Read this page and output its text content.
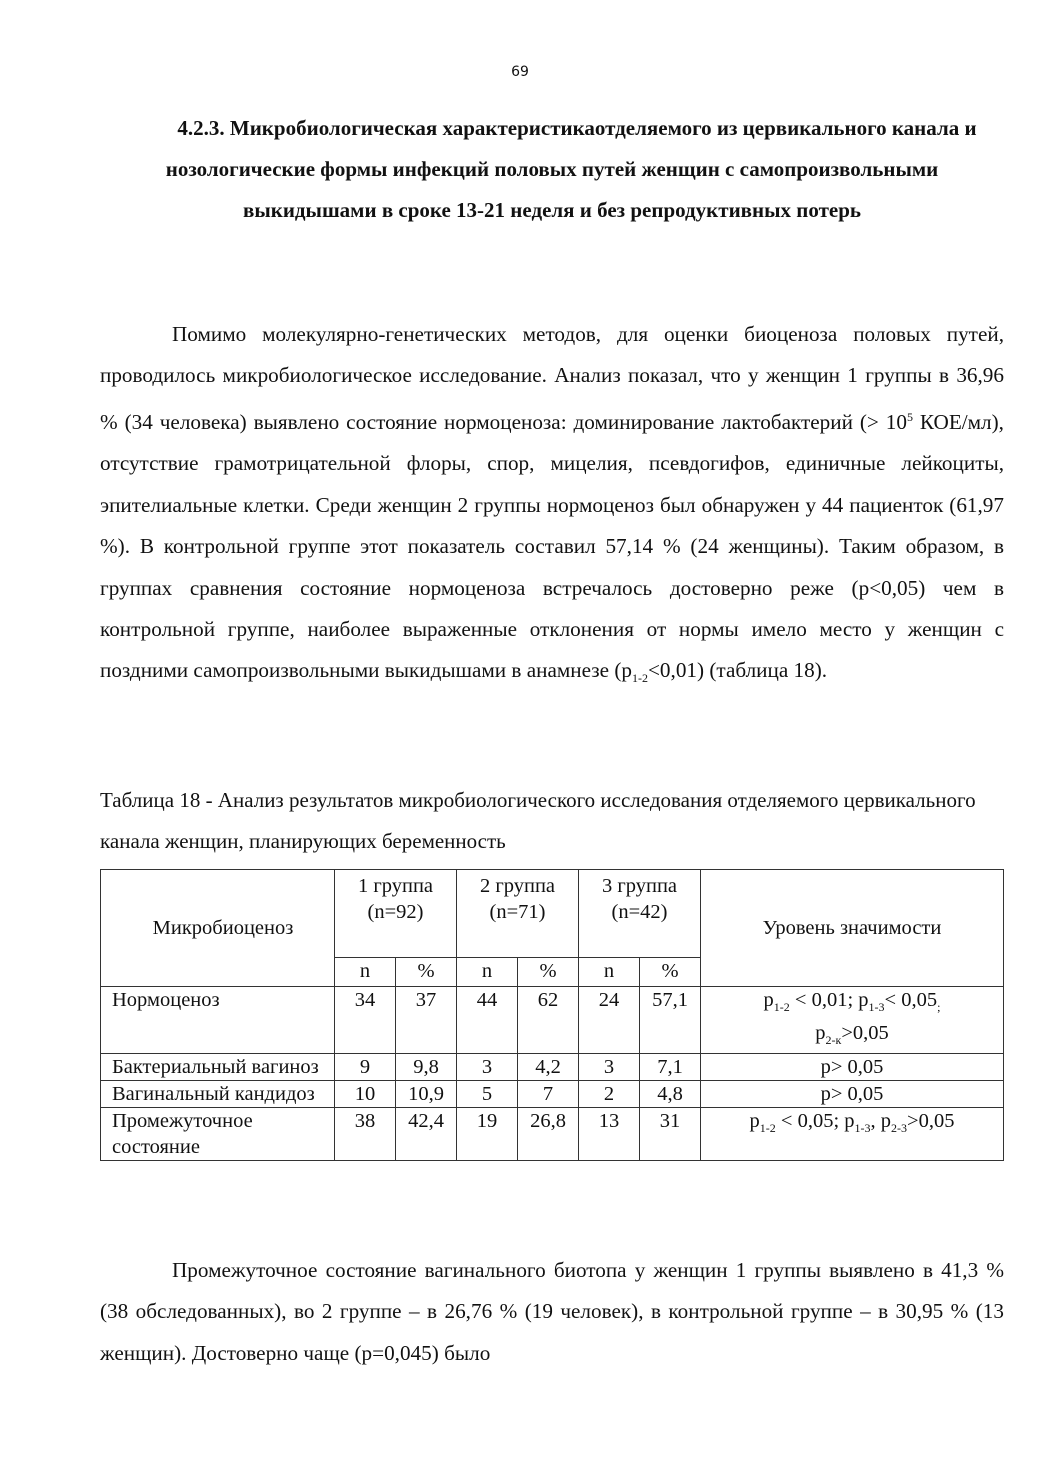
69
4.2.3. Микробиологическая характеристикаотделяемого из цервикального канала и нозологические формы инфекций половых путей женщин с самопроизвольными выкидышами в сроке 13-21 неделя и без репродуктивных потерь

Помимо молекулярно-генетических методов, для оценки биоценоза половых путей, проводилось микробиологическое исследование. Анализ показал, что у женщин 1 группы в 36,96 % (34 человека) выявлено состояние нормоценоза: доминирование лактобактерий (> $10^5$ КОЕ/мл), отсутствие грамотрицательной флоры, спор, мицелия, псевдогифов, единичные лейкоциты, эпителиальные клетки. Среди женщин 2 группы нормоценоз был обнаружен у 44 пациенток (61,97 %). В контрольной группе этот показатель составил 57,14 % (24 женщины). Таким образом, в группах сравнения состояние нормоценоза встречалось достоверно реже (р<0,05) чем в контрольной группе, наиболее выраженные отклонения от нормы имело место у женщин с поздними самопроизвольными выкидышами в анамнезе $(р_{1-2}<0,01)$ (таблица 18).

Таблица 18 - Анализ результатов микробиологического исследования отделяемого цервикального канала женщин, планирующих беременность

Микробиоценоз	1 группа (n=92)		2 группа (n=71)		3 группа (n=42)		Уровень значимости
	n	%	n	%	n	%	
Нормоценоз	34	37	44	62	24	57,1	$р_{1-2} < 0,01$; $р_{1-3}< 0,05_;$
$р_{2-к}>0,05$
Бактериальный вагиноз	9	9,8	3	4,2	3	7,1	р> 0,05
Вагинальный кандидоз	10	10,9	5	7	2	4,8	р> 0,05
Промежуточное состояние	38	42,4	19	26,8	13	31	$р_{1-2} < 0,05$; $р_{1-3}$, $р_{2-3}>0,05$

Промежуточное состояние вагинального биотопа у женщин 1 группы выявлено в 41,3 % (38 обследованных), во 2 группе – в 26,76 % (19 человек), в контрольной группе – в 30,95 % (13 женщин). Достоверно чаще (р=0,045) было
